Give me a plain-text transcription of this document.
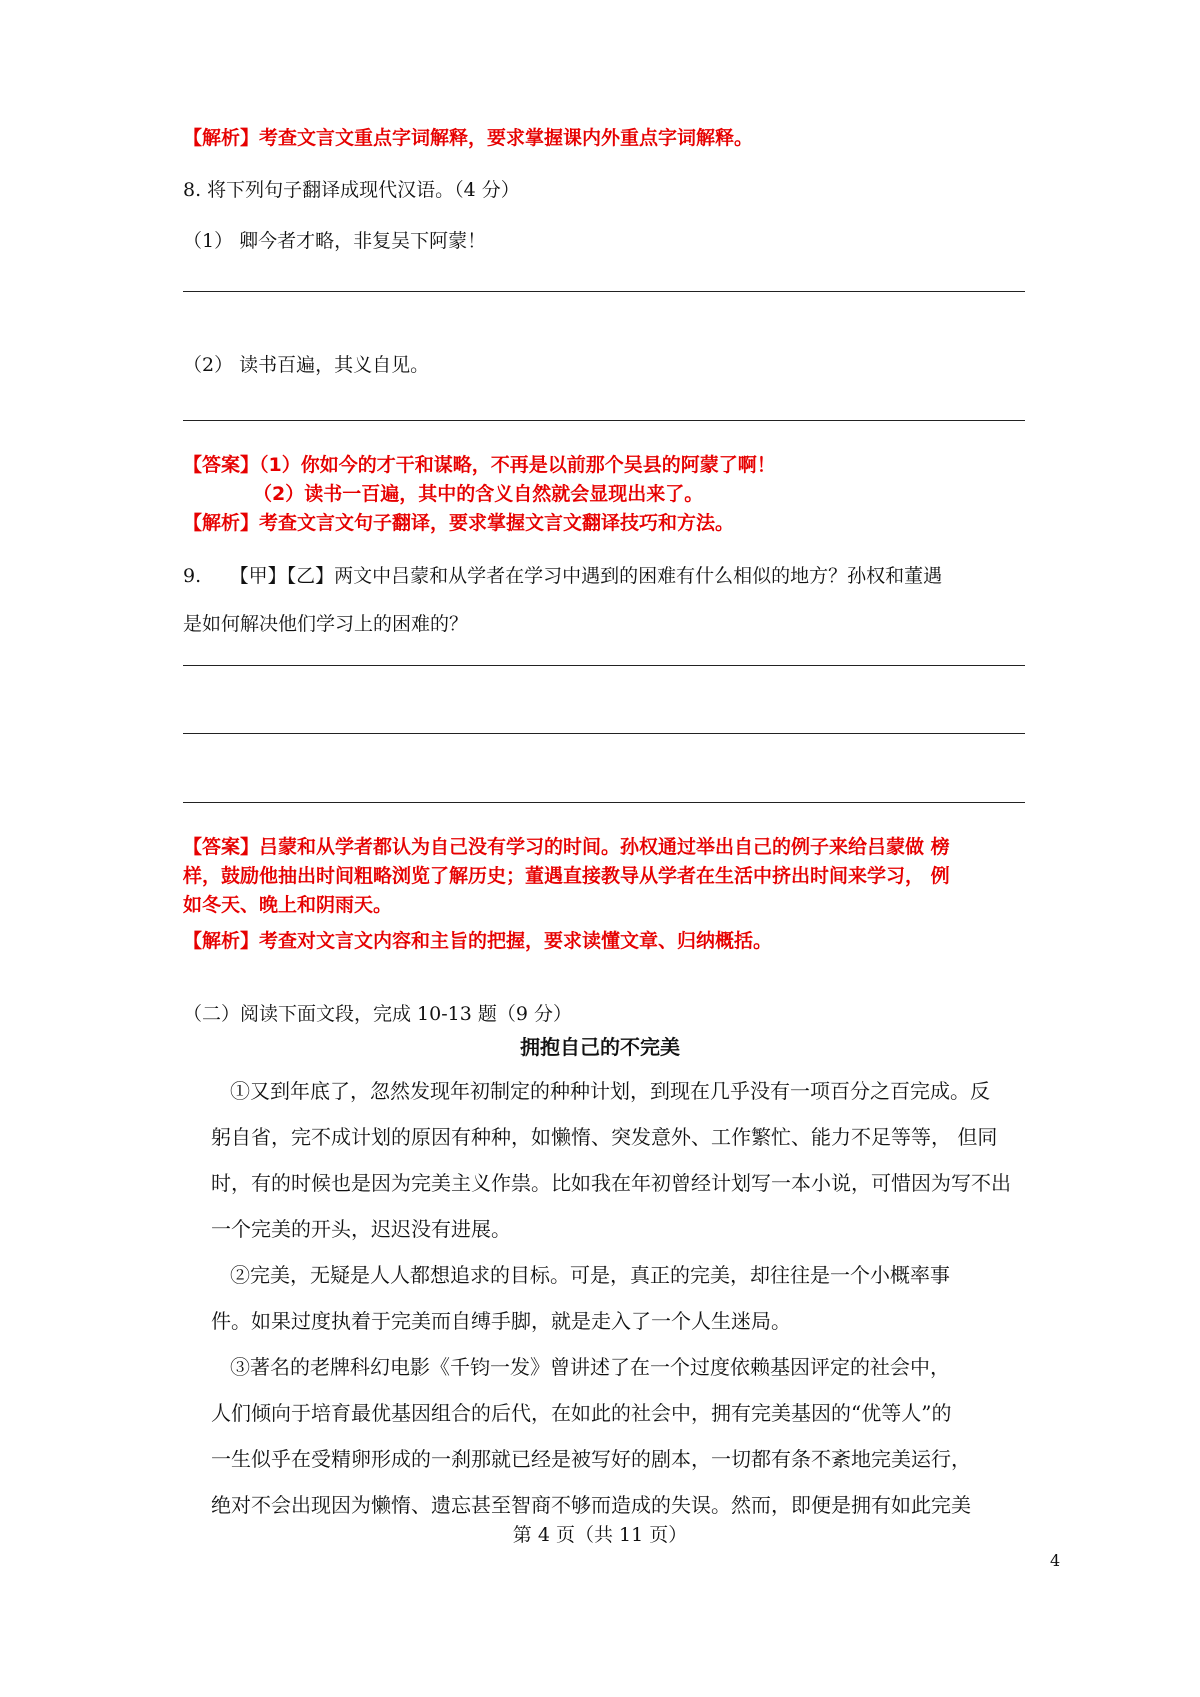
【解析】考查文言文重点字词解释，要求掌握课内外重点字词解释。
8. 将下列句子翻译成现代汉语。（4 分）
（1） 卿今者才略，非复吴下阿蒙！
（2） 读书百遍，其义自见。
【答案】（1）你如今的才干和谋略，不再是以前那个吴县的阿蒙了啊！
（2）读书一百遍，其中的含义自然就会显现出来了。
【解析】考查文言文句子翻译，要求掌握文言文翻译技巧和方法。
9.　　【甲】【乙】两文中吕蒙和从学者在学习中遇到的困难有什么相似的地方？孙权和董遇
是如何解决他们学习上的困难的？
【答案】吕蒙和从学者都认为自己没有学习的时间。孙权通过举出自己的例子来给吕蒙做 榜
样，鼓励他抽出时间粗略浏览了解历史；董遇直接教导从学者在生活中挤出时间来学习， 例
如冬天、晚上和阴雨天。
【解析】考查对文言文内容和主旨的把握，要求读懂文章、归纳概括。
（二）阅读下面文段，完成 10-13 题（9 分）
拥抱自己的不完美
①又到年底了，忽然发现年初制定的种种计划，到现在几乎没有一项百分之百完成。反
躬自省，完不成计划的原因有种种，如懒惰、突发意外、工作繁忙、能力不足等等， 但同
时，有的时候也是因为完美主义作祟。比如我在年初曾经计划写一本小说，可惜因为写不出
一个完美的开头，迟迟没有进展。
②完美，无疑是人人都想追求的目标。可是，真正的完美，却往往是一个小概率事
件。如果过度执着于完美而自缚手脚，就是走入了一个人生迷局。
③著名的老牌科幻电影《千钧一发》曾讲述了在一个过度依赖基因评定的社会中，
人们倾向于培育最优基因组合的后代，在如此的社会中，拥有完美基因的“优等人”的
一生似乎在受精卵形成的一刹那就已经是被写好的剧本，一切都有条不紊地完美运行，
绝对不会出现因为懒惰、遗忘甚至智商不够而造成的失误。然而，即便是拥有如此完美
第 4 页（共 11 页）
4
